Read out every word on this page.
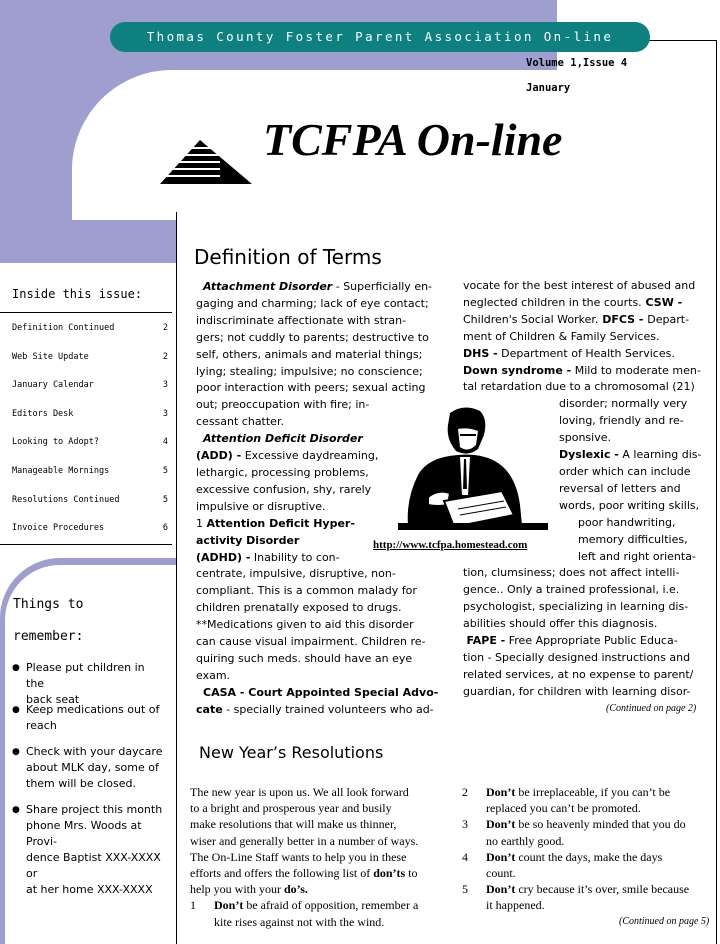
Thomas County Foster Parent Association On-line
Volume 1,Issue 4
January
TCFPA On-line
Inside this issue:
Definition Continued	2
Web Site Update	2
January Calendar	3
Editors Desk	3
Looking to Adopt?	4
Manageable Mornings	5
Resolutions Continued	5
Invoice Procedures	6
Things to
remember:
● Please put children in the
back seat
● Keep medications out of
reach
● Check with your daycare
about MLK day, some of
them will be closed.
● Share project this month
phone Mrs. Woods at Provi-
dence Baptist XXX-XXXX or
at her home XXX-XXXX
Definition of Terms
Attachment Disorder - Superficially en-
gaging and charming; lack of eye contact;
indiscriminate affectionate with stran-
gers; not cuddly to parents; destructive to
self, others, animals and material things;
lying; stealing; impulsive; no conscience;
poor interaction with peers; sexual acting
out; preoccupation with fire; in-
cessant chatter.
Attention Deficit Disorder
(ADD) - Excessive daydreaming,
lethargic, processing problems,
excessive confusion, shy, rarely
impulsive or disruptive.
1 Attention Deficit Hyper-
activity Disorder
(ADHD) - Inability to con-
centrate, impulsive, disruptive, non-
compliant. This is a common malady for
children prenatally exposed to drugs.
**Medications given to aid this disorder
can cause visual impairment. Children re-
quiring such meds. should have an eye
exam.
CASA - Court Appointed Special Advo-
cate - specially trained volunteers who ad-
vocate for the best interest of abused and
neglected children in the courts. CSW -
Children's Social Worker. DFCS - Depart-
ment of Children & Family Services.
DHS - Department of Health Services.
Down syndrome - Mild to moderate men-
tal retardation due to a chromosomal (21)
disorder; normally very
loving, friendly and re-
sponsive.
Dyslexic - A learning dis-
order which can include
reversal of letters and
words, poor writing skills,
poor handwriting,
memory difficulties,
left and right orienta-
tion, clumsiness; does not affect intelli-
gence.. Only a trained professional, i.e.
psychologist, specializing in learning dis-
abilities should offer this diagnosis.
FAPE - Free Appropriate Public Educa-
tion - Specially designed instructions and
related services, at no expense to parent/
guardian, for children with learning disor-
http://www.tcfpa.homestead.com
(Continued on page 2)
New Year’s Resolutions
The new year is upon us. We all look forward
to a bright and prosperous year and busily
make resolutions that will make us thinner,
wiser and generally better in a number of ways.
The On-Line Staff wants to help you in these
efforts and offers the following list of don’ts to
help you with your do’s.
1 Don’t be afraid of opposition, remember a
kite rises against not with the wind.
2 Don’t be irreplaceable, if you can’t be
replaced you can’t be promoted.
3 Don’t be so heavenly minded that you do
no earthly good.
4 Don’t count the days, make the days
count.
5 Don’t cry because it’s over, smile because
it happened.
(Continued on page 5)
